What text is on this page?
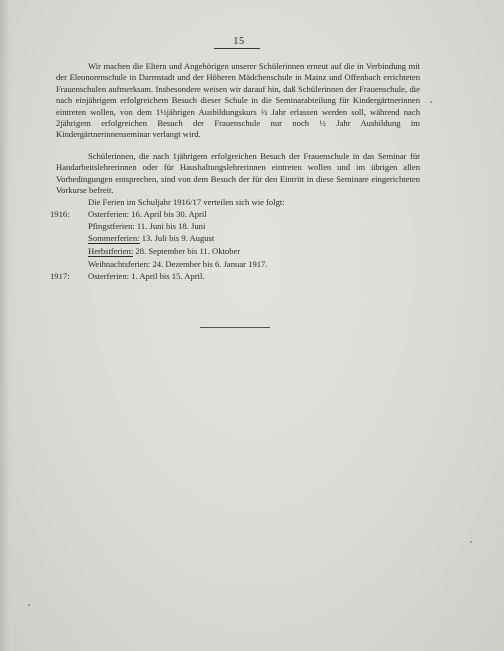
15
Wir machen die Eltern und Angehörigen unserer Schülerinnen erneut auf die in Verbindung mit der Eleonorenschule in Darmstadt und der Höheren Mädchenschule in Mainz und Offenbach errichteten Frauenschulen aufmerksam. Insbesondere weisen wir darauf hin, daß Schülerinnen der Frauenschule, die nach einjährigem erfolgreichem Besuch dieser Schule in die Seminarabteilung für Kindergärtnerinnen eintreten wollen, von dem 1½jährigen Ausbildungskurs ½ Jahr erlassen werden soll, während nach 2jährigem erfolgreichen Besuch der Frauenschule nur noch ½ Jahr Ausbildung im Kindergärtnerinnenseminar verlangt wird.
Schülerinnen, die nach 1jährigem erfolgreichen Besuch der Frauenschule in das Seminar für Handarbeitslehrerinnen oder für Haushaltungslehrerinnen eintreten wollen und im übrigen allen Vorbedingungen entsprechen, sind von dem Besuch der für den Eintritt in diese Seminare eingerichteten Vorkurse befreit.
Die Ferien im Schuljahr 1916/17 verteilen sich wie folgt:
1916: Osterferien: 16. April bis 30. April
Pfingstferien: 11. Juni bis 18. Juni
Sommerferien: 13. Juli bis 9. August
Herbstferien: 28. September bis 11. Oktober
Weihnachtsferien: 24. Dezember bis 6. Januar 1917.
1917: Osterferien: 1. April bis 15. April.
